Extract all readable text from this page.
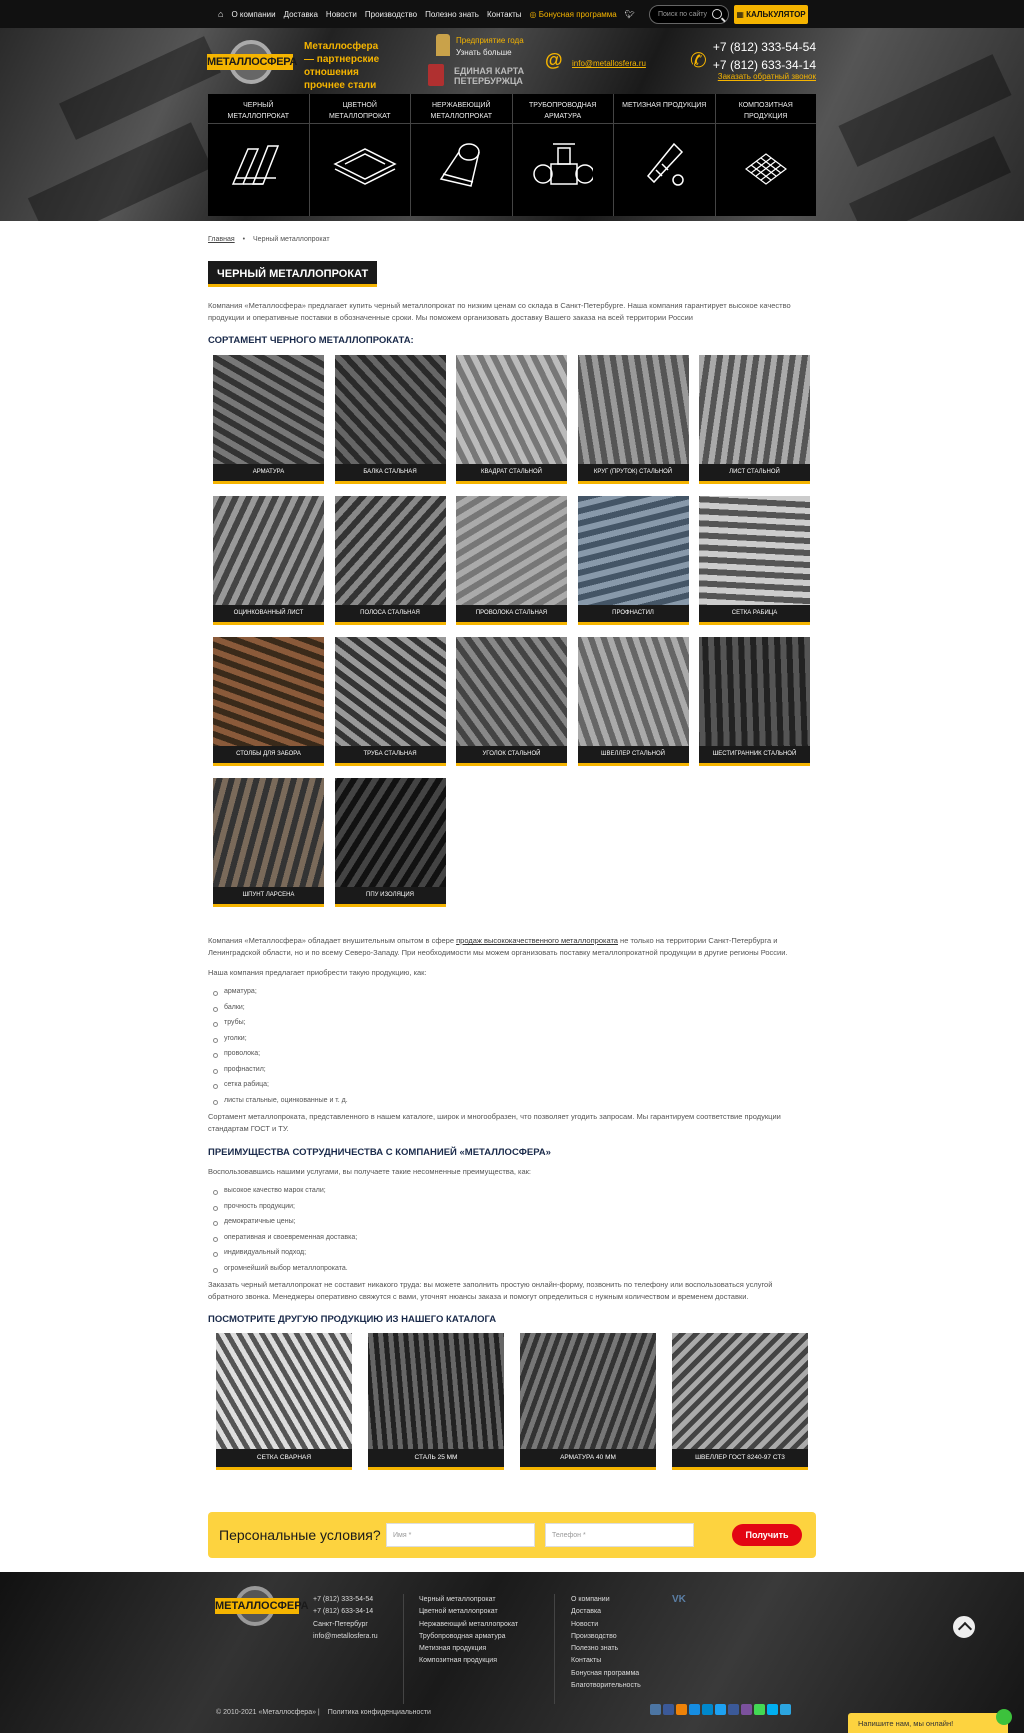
⌂ О компании Доставка Новости Производство Полезно знать Контакты ◎ Бонусная программа 🐦︎	Поиск по сайту	▦ КАЛЬКУЛЯТОР
МЕТАЛЛОСФЕРА
Металлосфера — партнерские отношения прочнее стали
Предприятие года
Узнать больше
ЕДИНАЯ КАРТА
ПЕТЕРБУРЖЦА
@ info@metallosfera.ru ✆
+7 (812) 333-54-54
+7 (812) 633-34-14
Заказать обратный звонок
ЧЕРНЫЙ
МЕТАЛЛОПРОКАТ
ЦВЕТНОЙ
МЕТАЛЛОПРОКАТ
НЕРЖАВЕЮЩИЙ
МЕТАЛЛОПРОКАТ
ТРУБОПРОВОДНАЯ
АРМАТУРА
МЕТИЗНАЯ ПРОДУКЦИЯ	КОМПОЗИТНАЯ
ПРОДУКЦИЯ
Главная • Черный металлопрокат
ЧЕРНЫЙ МЕТАЛЛОПРОКАТ
Компания «Металлосфера» предлагает купить черный металлопрокат по низким ценам со склада в Санкт-Петербурге. Наша компания гарантирует высокое качество продукции и оперативные поставки в обозначенные сроки. Мы поможем организовать доставку Вашего заказа на всей территории России
СОРТАМЕНТ ЧЕРНОГО МЕТАЛЛОПРОКАТА:
АРМАТУРА	БАЛКА СТАЛЬНАЯ	КВАДРАТ СТАЛЬНОЙ	КРУГ (ПРУТОК) СТАЛЬНОЙ	ЛИСТ СТАЛЬНОЙ
ОЦИНКОВАННЫЙ ЛИСТ	ПОЛОСА СТАЛЬНАЯ	ПРОВОЛОКА СТАЛЬНАЯ	ПРОФНАСТИЛ	СЕТКА РАБИЦА
СТОЛБЫ ДЛЯ ЗАБОРА	ТРУБА СТАЛЬНАЯ	УГОЛОК СТАЛЬНОЙ	ШВЕЛЛЕР СТАЛЬНОЙ	ШЕСТИГРАННИК СТАЛЬНОЙ
ШПУНТ ЛАРСЕНА	ППУ ИЗОЛЯЦИЯ
Компания «Металлосфера» обладает внушительным опытом в сфере продаж высококачественного металлопроката не только на территории Санкт-Петербурга и Ленинградской области, но и по всему Северо-Западу. При необходимости мы можем организовать поставку металлопрокатной продукции в другие регионы России.
Наша компания предлагает приобрести такую продукцию, как:
арматура;
балки;
трубы;
уголки;
проволока;
профнастил;
сетка рабица;
листы стальные, оцинкованные и т. д.
Сортамент металлопроката, представленного в нашем каталоге, широк и многообразен, что позволяет угодить запросам. Мы гарантируем соответствие продукции стандартам ГОСТ и ТУ.
ПРЕИМУЩЕСТВА СОТРУДНИЧЕСТВА С КОМПАНИЕЙ «МЕТАЛЛОСФЕРА»
Воспользовавшись нашими услугами, вы получаете такие несомненные преимущества, как:
высокое качество марок стали;
прочность продукции;
демократичные цены;
оперативная и своевременная доставка;
индивидуальный подход;
огромнейший выбор металлопроката.
Заказать черный металлопрокат не составит никакого труда: вы можете заполнить простую онлайн-форму, позвонить по телефону или воспользоваться услугой обратного звонка. Менеджеры оперативно свяжутся с вами, уточнят нюансы заказа и помогут определиться с нужным количеством и временем доставки.
ПОСМОТРИТЕ ДРУГУЮ ПРОДУКЦИЮ ИЗ НАШЕГО КАТАЛОГА
СЕТКА СВАРНАЯ	СТАЛЬ 25 ММ	АРМАТУРА 40 ММ	ШВЕЛЛЕР ГОСТ 8240-97 СТ3
Персональные условия?	Имя *	Телефон *	Получить
МЕТАЛЛОСФЕРА
+7 (812) 333-54-54
+7 (812) 633-34-14
Санкт-Петербург
info@metallosfera.ru
Черный металлопрокат
Цветной металлопрокат
Нержавеющий металлопрокат
Трубопроводная арматура
Метизная продукция
Композитная продукция
О компании
Доставка
Новости
Производство
Полезно знать
Контакты
Бонусная программа
Благотворительность
VK
© 2010-2021 «Металлосфера» | Политика конфиденциальности
Напишите нам, мы онлайн!
